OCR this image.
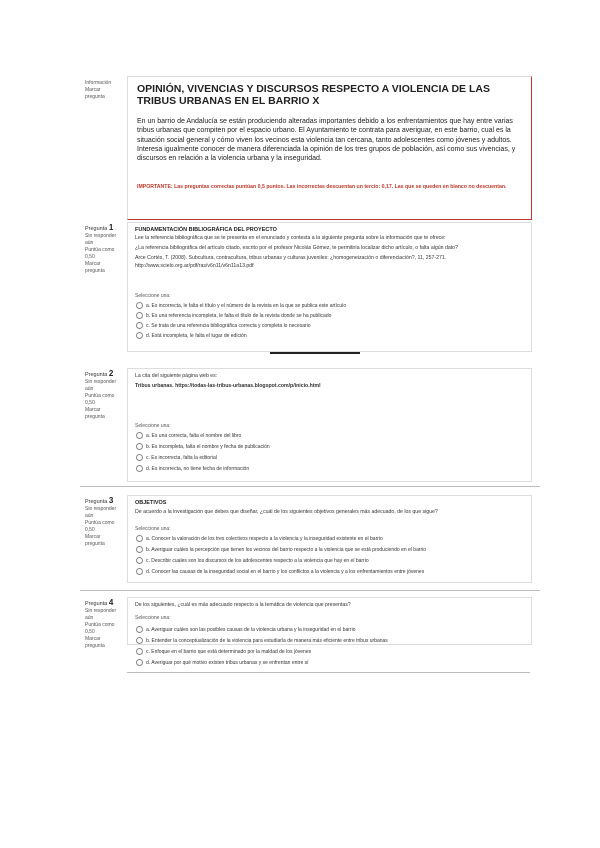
Información
Marcar
pregunta
OPINIÓN, VIVENCIAS Y DISCURSOS RESPECTO A VIOLENCIA DE LAS TRIBUS URBANAS EN EL BARRIO X
En un barrio de Andalucía se están produciendo alteradas importantes debido a los enfrentamientos que hay entre varias tribus urbanas que compiten por el espacio urbano. El Ayuntamiento te contrata para averiguar, en este barrio, cual es la situación social general y cómo viven los vecinos esta violencia tan cercana, tanto adolescentes como jóvenes y adultos. Interesa igualmente conocer de manera diferenciada la opinión de los tres grupos de población, así como sus vivencias, y discursos en relación a la violencia urbana y la inseguridad.
IMPORTANTE: Las preguntas correctas puntúan 0,5 puntos. Las incorrectas descuentan un tercio: 0,17. Las que se queden en blanco no descuentan.
Pregunta 1
Sin responder
aún
Puntúa como
0,50
Marcar
pregunta
FUNDAMENTACIÓN BIBLIOGRÁFICA DEL PROYECTO
Lee la referencia bibliográfica que se te presenta en el enunciado y contesta a la siguiente pregunta sobre la información que te ofrece:
¿La referencia bibliográfica del artículo citado, escrito por el profesor Nicolás Gómez, te permitiría localizar dicho artículo, o falta algún dato?
Arce Cortés, T. (2008). Subcultura, contracultura, tribus urbanas y culturas juveniles: ¿homogeneización o diferenciación?, 11, 257-271. http://www.scielo.org.ar/pdf/ras/v6n11/v6n11a13.pdf
Seleccione una:
a. Es incorrecta, le falta el título y el número de la revista en la que se publica este artículo
b. Es una referencia incompleta, le falta el título de la revista donde se ha publicado
c. Se trata de una referencia bibliográfica correcta y completa lo necesario
d. Está incompleta, le falta el lugar de edición
Pregunta 2
Sin responder
aún
Puntúa como
0,50
Marcar
pregunta
La cita del siguiente página web es:
Tribus urbanas. https://todas-las-tribus-urbanas.blogspot.com/p/inicio.html
Seleccione una:
a. Es una correcta, falta el nombre del libro
b. Es incompleta, falta el nombre y fecha de publicación
c. Es incorrecta, falta la editorial
d. Es incorrecta, no tiene fecha de información
Pregunta 3
Sin responder
aún
Puntúa como
0,50
Marcar
pregunta
OBJETIVOS
De acuerdo a la investigación que debes que diseñar, ¿cuál de los siguientes objetivos generales más adecuado, de los que sigue?
Seleccione una:
a. Conocer la valoración de los tres colectivos respecto a la violencia y la inseguridad existente en el barrio
b. Averiguar cuáles la percepción que tienen los vecinos del barrio respecto a la violencia que se está produciendo en el barrio
c. Describir cuales son los discursos de los adolescentes respecto a la violencia que hay en el barrio
d. Conocer las causas de la inseguridad social en el barrio y los conflictos a la violencia y a los enfrentamientos entre jóvenes
Pregunta 4
Sin responder
aún
Puntúa como
0,50
Marcar
pregunta
De los siguientes, ¿cuál es más adecuado respecto a la temática de violencia que presentas?
Seleccione una:
a. Averiguar cuáles son las posibles causas de la violencia urbana y la inseguridad en el barrio
b. Entender la conceptualización de la violencia para estudiarla de manera más eficiente entre tribus urbanas
c. Enfoque en el barrio que está determinado por la maldad de los jóvenes
d. Averiguar por qué motivo existen tribus urbanas y se enfrentan entre sí
